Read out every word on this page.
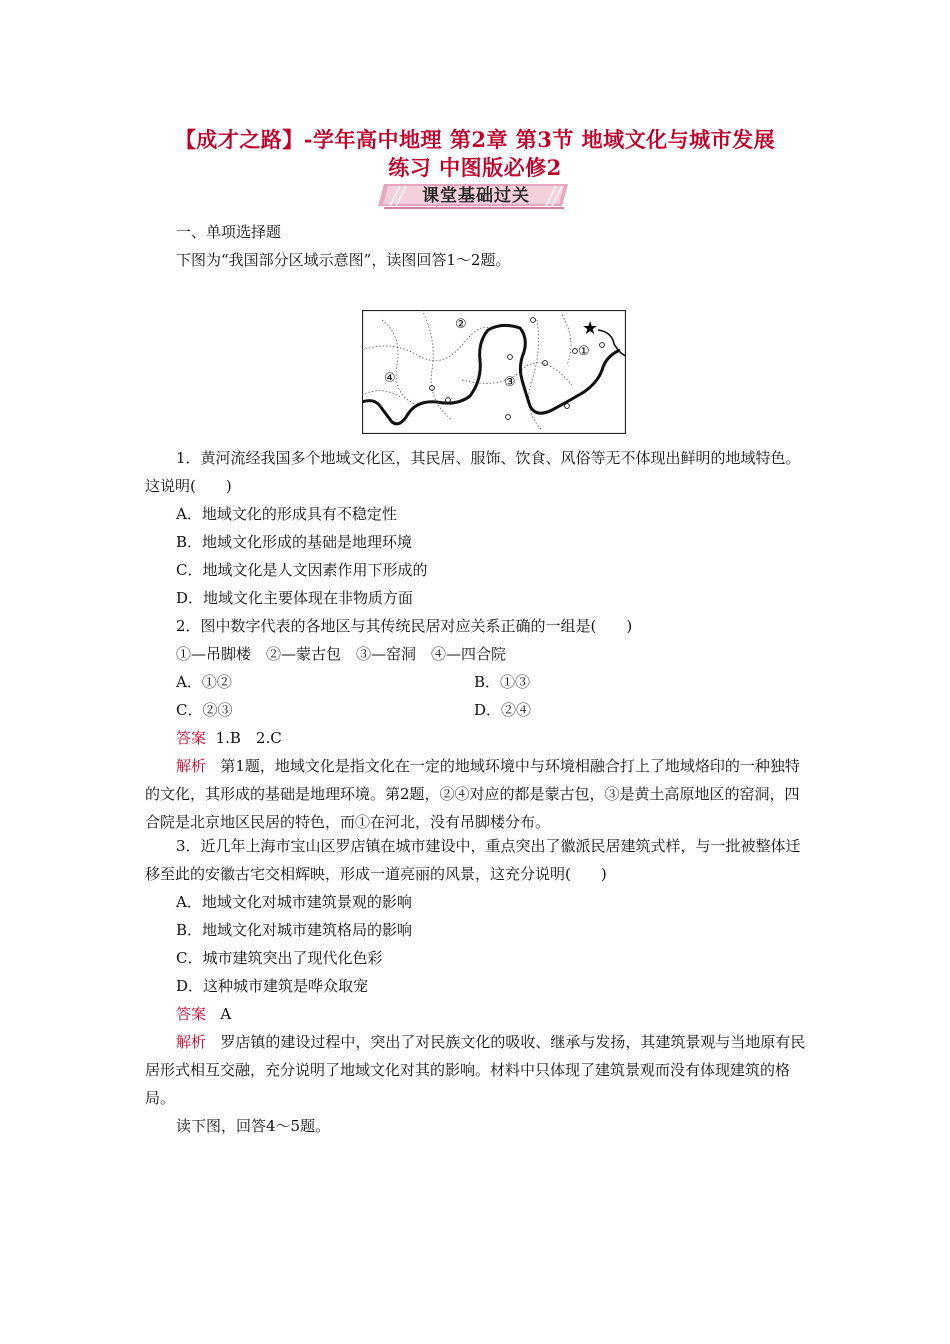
【成才之路】-学年高中地理 第2章 第3节 地域文化与城市发展
练习 中图版必修2
课堂基础过关
一、单项选择题
下图为“我国部分区域示意图”，读图回答1～2题。
②	★
①
④	③
1．黄河流经我国多个地域文化区，其民居、服饰、饮食、风俗等无不体现出鲜明的地域特色。这说明(　　)
A．地域文化的形成具有不稳定性
B．地域文化形成的基础是地理环境
C．地域文化是人文因素作用下形成的
D．地域文化主要体现在非物质方面
2．图中数字代表的各地区与其传统民居对应关系正确的一组是(　　)
①—吊脚楼　②—蒙古包　③—窑洞　④—四合院
A．①②	B．①③
C．②③	D．②④
答案 1.B　2.C
解析 第1题，地域文化是指文化在一定的地域环境中与环境相融合打上了地域烙印的一种独特的文化，其形成的基础是地理环境。第2题，②④对应的都是蒙古包，③是黄土高原地区的窑洞，四合院是北京地区民居的特色，而①在河北，没有吊脚楼分布。
3．近几年上海市宝山区罗店镇在城市建设中，重点突出了徽派民居建筑式样，与一批被整体迁移至此的安徽古宅交相辉映，形成一道亮丽的风景，这充分说明(　　)
A．地域文化对城市建筑景观的影响
B．地域文化对城市建筑格局的影响
C．城市建筑突出了现代化色彩
D．这种城市建筑是哗众取宠
答案 A
解析 罗店镇的建设过程中，突出了对民族文化的吸收、继承与发扬，其建筑景观与当地原有民居形式相互交融，充分说明了地域文化对其的影响。材料中只体现了建筑景观而没有体现建筑的格局。
读下图，回答4～5题。
